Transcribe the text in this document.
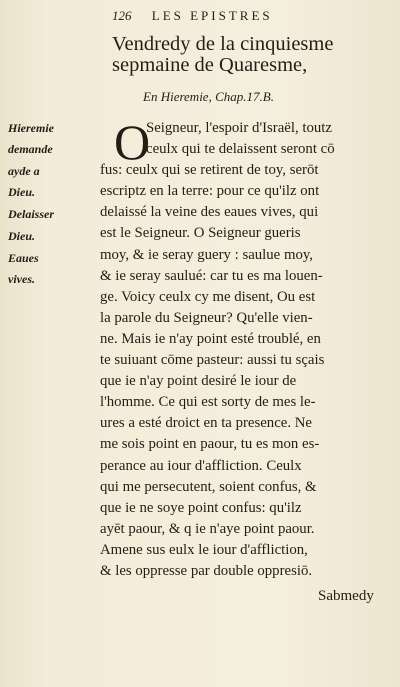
126 LES EPISTRES
Vendredy de la cinquiesme
sepmaine de Quaresme,
En Hieremie, Chap.17.B.
Hieremie
demande
ayde a
Dieu.
Delaisser
Dieu.
Eaues
vives.
O
Seigneur, l'espoir d'Israël, toutz
ceulx qui te delaissent seront cō
fus: ceulx qui se retirent de toy, serōt
escriptz en la terre: pour ce qu'ilz ont
delaissé la veine des eaues vives, qui
est le Seigneur. O Seigneur gueris
moy, & ie seray guery : saulue moy,
& ie seray saulué: car tu es ma louen-
ge. Voicy ceulx cy me disent, Ou est
la parole du Seigneur? Qu'elle vien-
ne. Mais ie n'ay point esté troublé, en
te suiuant cōme pasteur: aussi tu sçais
que ie n'ay point desiré le iour de
l'homme. Ce qui est sorty de mes le-
ures a esté droict en ta presence. Ne
me sois point en paour, tu es mon es-
perance au iour d'affliction. Ceulx
qui me persecutent, soient confus, &
que ie ne soye point confus: qu'ilz
ayēt paour, & q ie n'aye point paour.
Amene sus eulx le iour d'affliction,
& les oppresse par double oppresiō.
Sabmedy
